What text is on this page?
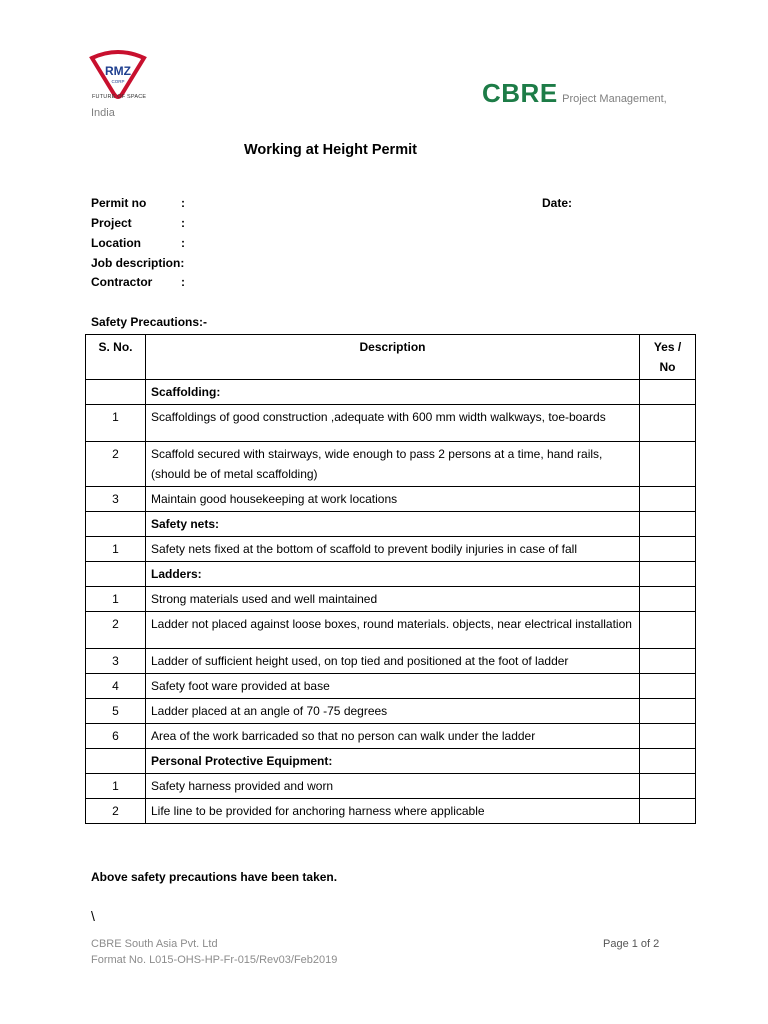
RMZ
CORP
FUTURE OF SPACE	CBRE Project Management,
India
Working at Height Permit
Permit no	:	Date:
Project	:
Location	:
Job description:
Contractor :
Safety Precautions:-
S. No.	Description	Yes /
No
	Scaffolding:	
1	Scaffoldings of good construction ,adequate with 600 mm width walkways, toe-boards	
2	Scaffold secured with stairways, wide enough to pass 2 persons at a time, hand rails,(should be of metal scaffolding)	
3	Maintain good housekeeping at work locations	
	Safety nets:	
1	Safety nets fixed at the bottom of scaffold to prevent bodily injuries in case of fall	
	Ladders:	
1	Strong materials used and well maintained	
2	Ladder not placed against loose boxes, round materials. objects, near electrical installation	
3	Ladder of sufficient height used, on top tied and positioned at the foot of ladder	
4	Safety foot ware provided at base	
5	Ladder placed at an angle of 70 -75 degrees	
6	Area of the work barricaded so that no person can walk under the ladder	
	Personal Protective Equipment:	
1	Safety harness provided and worn	
2	Life line to be provided for anchoring harness where applicable	
Above safety precautions have been taken.
\
CBRE South Asia Pvt. Ltd
Format No. L015-OHS-HP-Fr-015/Rev03/Feb2019
Page 1 of 2
